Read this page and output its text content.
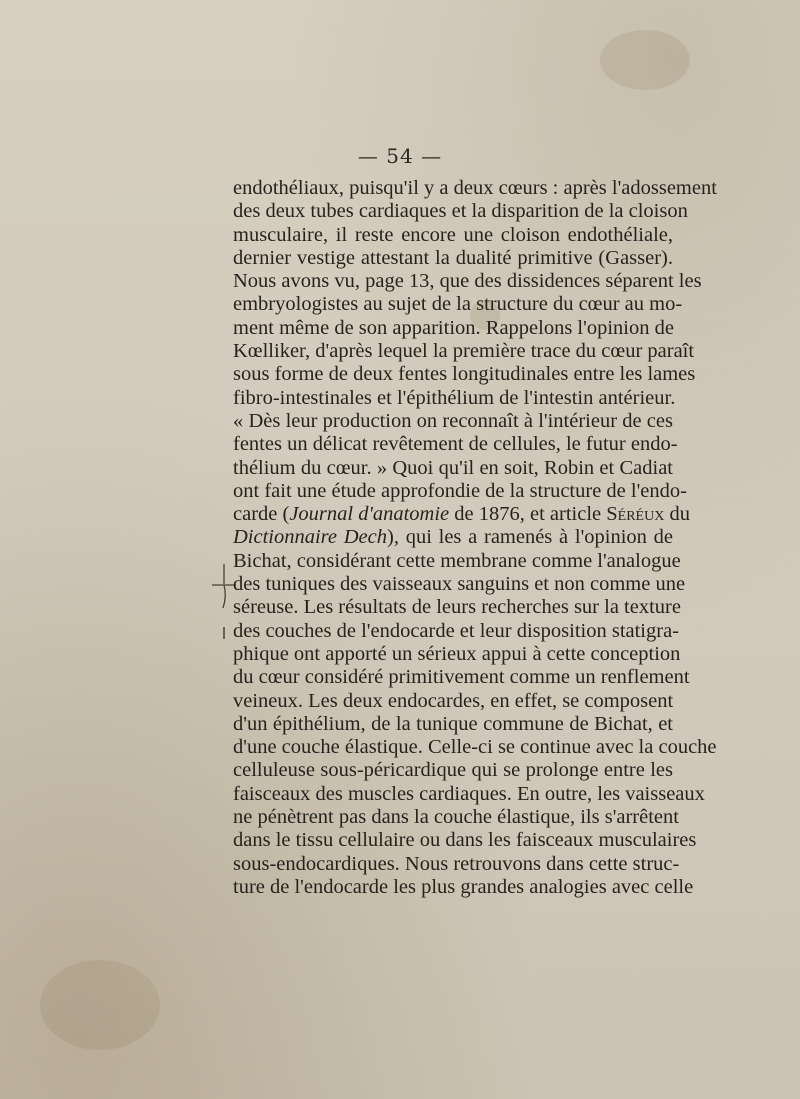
— 54 —
endothéliaux, puisqu'il y a deux cœurs : après l'adossement
des deux tubes cardiaques et la disparition de la cloison
musculaire, il reste encore une cloison endothéliale,
dernier vestige attestant la dualité primitive (Gasser).
Nous avons vu, page 13, que des dissidences séparent les
embryologistes au sujet de la structure du cœur au mo-
ment même de son apparition. Rappelons l'opinion de
Kœlliker, d'après lequel la première trace du cœur paraît
sous forme de deux fentes longitudinales entre les lames
fibro-intestinales et l'épithélium de l'intestin antérieur.
« Dès leur production on reconnaît à l'intérieur de ces
fentes un délicat revêtement de cellules, le futur endo-
thélium du cœur. » Quoi qu'il en soit, Robin et Cadiat
ont fait une étude approfondie de la structure de l'endo-
carde (Journal d'anatomie de 1876, et article Séréux du
Dictionnaire Dech), qui les a ramenés à l'opinion de
Bichat, considérant cette membrane comme l'analogue
des tuniques des vaisseaux sanguins et non comme une
séreuse. Les résultats de leurs recherches sur la texture
des couches de l'endocarde et leur disposition statigra-
phique ont apporté un sérieux appui à cette conception
du cœur considéré primitivement comme un renflement
veineux. Les deux endocardes, en effet, se composent
d'un épithélium, de la tunique commune de Bichat, et
d'une couche élastique. Celle-ci se continue avec la couche
celluleuse sous-péricardique qui se prolonge entre les
faisceaux des muscles cardiaques. En outre, les vaisseaux
ne pénètrent pas dans la couche élastique, ils s'arrêtent
dans le tissu cellulaire ou dans les faisceaux musculaires
sous-endocardiques. Nous retrouvons dans cette struc-
ture de l'endocarde les plus grandes analogies avec celle
